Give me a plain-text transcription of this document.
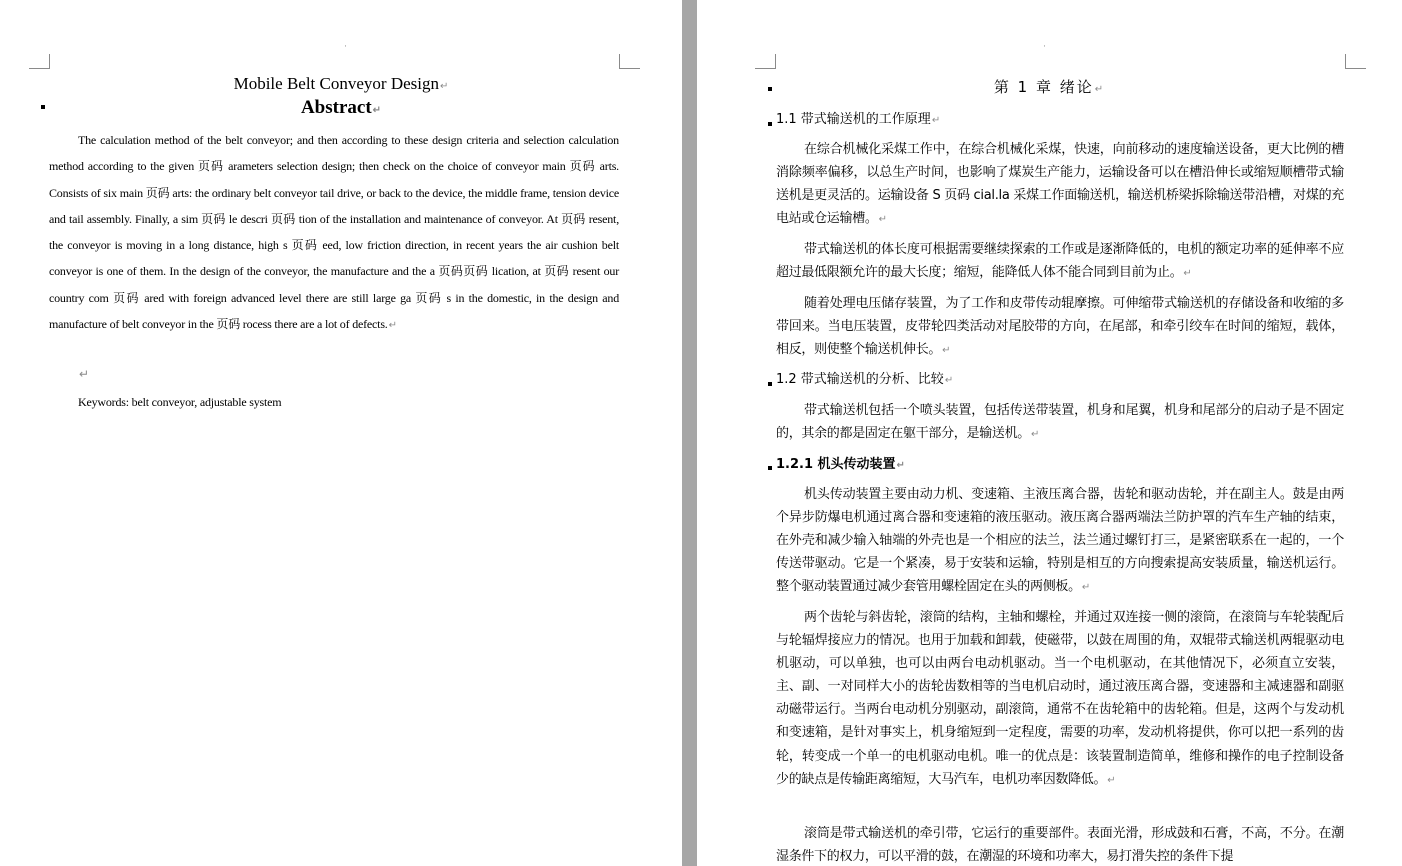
·
Mobile Belt Conveyor Design↵
Abstract↵

The calculation method of the belt conveyor; and then according to these design criteria and selection calculation method according to the given 页码 arameters selection design; then check on the choice of conveyor main 页码 arts. Consists of six main 页码 arts: the ordinary belt conveyor tail drive, or back to the device, the middle frame, tension device and tail assembly. Finally, a sim 页码 le descri 页码 tion of the installation and maintenance of conveyor. At 页码 resent, the conveyor is moving in a long distance, high s 页码 eed, low friction direction, in recent years the air cushion belt conveyor is one of them. In the design of the conveyor, the manufacture and the a 页码页码 lication, at 页码 resent our country com 页码 ared with foreign advanced level there are still large ga 页码 s in the domestic, in the design and manufacture of belt conveyor in the 页码 rocess there are a lot of defects.↵

↵
Keywords: belt conveyor, adjustable system
·
第 1 章 绪论↵
1.1 带式输送机的工作原理↵

在综合机械化采煤工作中，在综合机械化采煤，快速，向前移动的速度输送设备，更大比例的槽消除频率偏移，以总生产时间，也影响了煤炭生产能力，运输设备可以在槽沿伸长或缩短顺槽带式输送机是更灵活的。运输设备 S 页码 cial.la 采煤工作面输送机，输送机桥梁拆除输送带沿槽，对煤的充电站或仓运输槽。↵

带式输送机的体长度可根据需要继续探索的工作或是逐渐降低的，电机的额定功率的延伸率不应超过最低限额允许的最大长度；缩短，能降低人体不能合同到目前为止。↵

随着处理电压储存装置，为了工作和皮带传动辊摩擦。可伸缩带式输送机的存储设备和收缩的多带回来。当电压装置，皮带轮四类活动对尾胶带的方向，在尾部，和牵引绞车在时间的缩短，载体，相反，则使整个输送机伸长。↵

1.2 带式输送机的分析、比较↵

带式输送机包括一个喷头装置，包括传送带装置，机身和尾翼，机身和尾部分的启动子是不固定的，其余的都是固定在躯干部分，是输送机。↵

1.2.1 机头传动装置↵

机头传动装置主要由动力机、变速箱、主液压离合器，齿轮和驱动齿轮，并在副主人。鼓是由两个异步防爆电机通过离合器和变速箱的液压驱动。液压离合器两端法兰防护罩的汽车生产轴的结束，在外壳和减少输入轴端的外壳也是一个相应的法兰，法兰通过螺钉打三，是紧密联系在一起的，一个传送带驱动。它是一个紧凑，易于安装和运输，特别是相互的方向搜索提高安装质量，输送机运行。整个驱动装置通过减少套管用螺栓固定在头的两侧板。↵

两个齿轮与斜齿轮，滚筒的结构，主轴和螺栓，并通过双连接一侧的滚筒，在滚筒与车轮装配后与轮辐焊接应力的情况。也用于加载和卸载，使磁带，以鼓在周围的角，双辊带式输送机两辊驱动电机驱动，可以单独，也可以由两台电动机驱动。当一个电机驱动，在其他情况下，必须直立安装，主、副、一对同样大小的齿轮齿数相等的当电机启动时，通过液压离合器，变速器和主减速器和副驱动磁带运行。当两台电动机分别驱动，副滚筒，通常不在齿轮箱中的齿轮箱。但是，这两个与发动机和变速箱，是针对事实上，机身缩短到一定程度，需要的功率，发动机将提供，你可以把一系列的齿轮，转变成一个单一的电机驱动电机。唯一的优点是：该装置制造简单，维修和操作的电子控制设备少的缺点是传输距离缩短，大马汽车，电机功率因数降低。↵

滚筒是带式输送机的牵引带，它运行的重要部件。表面光滑，形成鼓和石膏，不高，不分。在潮湿条件下的权力，可以平滑的鼓，在潮湿的环境和功率大，易打滑失控的条件下提
